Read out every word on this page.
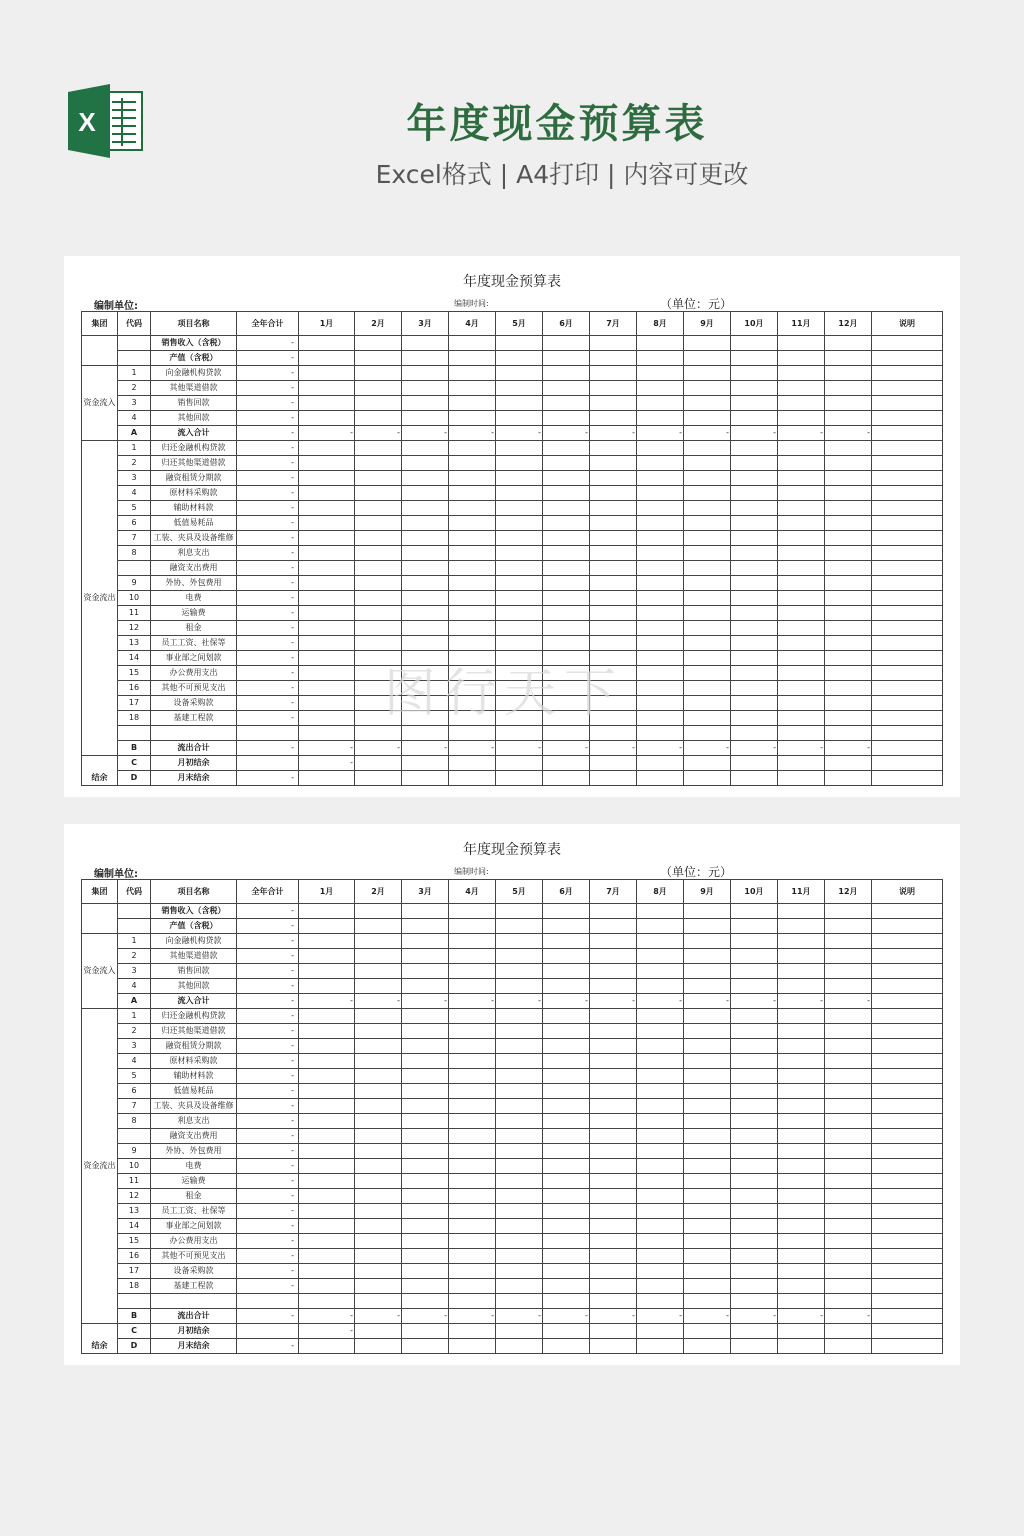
X	年度现金预算表
Excel格式 | A4打印 | 内容可更改
年度现金预算表
编制单位:	编制时间:	（单位：元）
集团	代码	项目名称	全年合计	1月	2月	3月	4月	5月	6月	7月	8月	9月	10月	11月	12月	说明
		销售收入（含税）	-													
		产值（含税）	-													
资金流入	1	向金融机构贷款	-													
	2	其他渠道借款	-													
	3	销售回款	-													
	4	其他回款	-													
	A	流入合计	-	-	-	-	-	-	-	-	-	-	-	-	-	
资金流出	1	归还金融机构贷款	-													
	2	归还其他渠道借款	-													
	3	融资租赁分期款	-													
	4	原材料采购款	-													
	5	辅助材料款	-													
	6	低值易耗品	-													
	7	工装、夹具及设备维修	-													
	8	利息支出	-													
		融资支出费用	-													
	9	外协、外包费用	-													
	10	电费	-													
	11	运输费	-													
	12	租金	-													
	13	员工工资、社保等	-													
	14	事业部之间划款	-													
	15	办公费用支出	-													
	16	其他不可预见支出	-													
	17	设备采购款	-													
	18	基建工程款	-													

	B	流出合计	-	-	-	-	-	-	-	-	-	-	-	-	-	
结余	C	月初结余		-												
	D	月末结余	-													
图行天下
年度现金预算表
编制单位:	编制时间:	（单位：元）
集团	代码	项目名称	全年合计	1月	2月	3月	4月	5月	6月	7月	8月	9月	10月	11月	12月	说明
		销售收入（含税）	-													
		产值（含税）	-													
资金流入	1	向金融机构贷款	-													
	2	其他渠道借款	-													
	3	销售回款	-													
	4	其他回款	-													
	A	流入合计	-	-	-	-	-	-	-	-	-	-	-	-	-	
资金流出	1	归还金融机构贷款	-													
	2	归还其他渠道借款	-													
	3	融资租赁分期款	-													
	4	原材料采购款	-													
	5	辅助材料款	-													
	6	低值易耗品	-													
	7	工装、夹具及设备维修	-													
	8	利息支出	-													
		融资支出费用	-													
	9	外协、外包费用	-													
	10	电费	-													
	11	运输费	-													
	12	租金	-													
	13	员工工资、社保等	-													
	14	事业部之间划款	-													
	15	办公费用支出	-													
	16	其他不可预见支出	-													
	17	设备采购款	-													
	18	基建工程款	-													

	B	流出合计	-	-	-	-	-	-	-	-	-	-	-	-	-	
结余	C	月初结余		-												
	D	月末结余	-													
